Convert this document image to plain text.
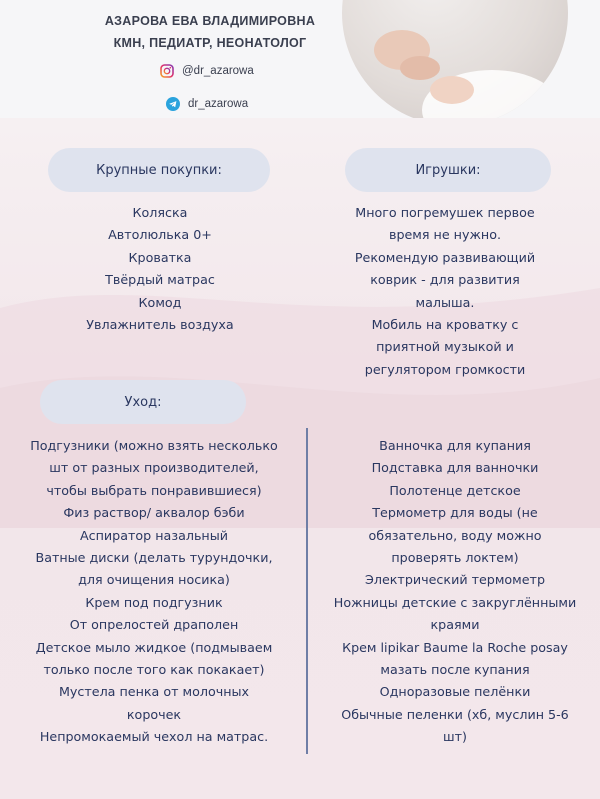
АЗАРОВА ЕВА ВЛАДИМИРОВНА
КМН, ПЕДИАТР, НЕОНАТОЛОГ
@dr_azarowa
dr_azarowa
Крупные покупки:	Игрушки:
Коляска
Автолюлька 0+
Кроватка
Твёрдый матрас
Комод
Увлажнитель воздуха
Много погремушек первое
время не нужно.
Рекомендую развивающий
коврик - для развития
малыша.
Мобиль на кроватку с
приятной музыкой и
регулятором громкости
Уход:
Подгузники (можно взять несколько
шт от разных производителей,
чтобы выбрать понравившиеся)
Физ раствор/ аквалор бэби
Аспиратор назальный
Ватные диски (делать турундочки,
для очищения носика)
Крем под подгузник
От опрелостей драполен
Детское мыло жидкое (подмываем
только после того как покакает)
Мустела пенка от молочных
корочек
Непромокаемый чехол на матрас.
Ванночка для купания
Подставка для ванночки
Полотенце детское
Термометр для воды (не
обязательно, воду можно
проверять локтем)
Электрический термометр
Ножницы детские с закруглёнными
краями
Крем lipikar Baume la Roche posay
мазать после купания
Одноразовые пелёнки
Обычные пеленки (хб, муслин 5-6
шт)
